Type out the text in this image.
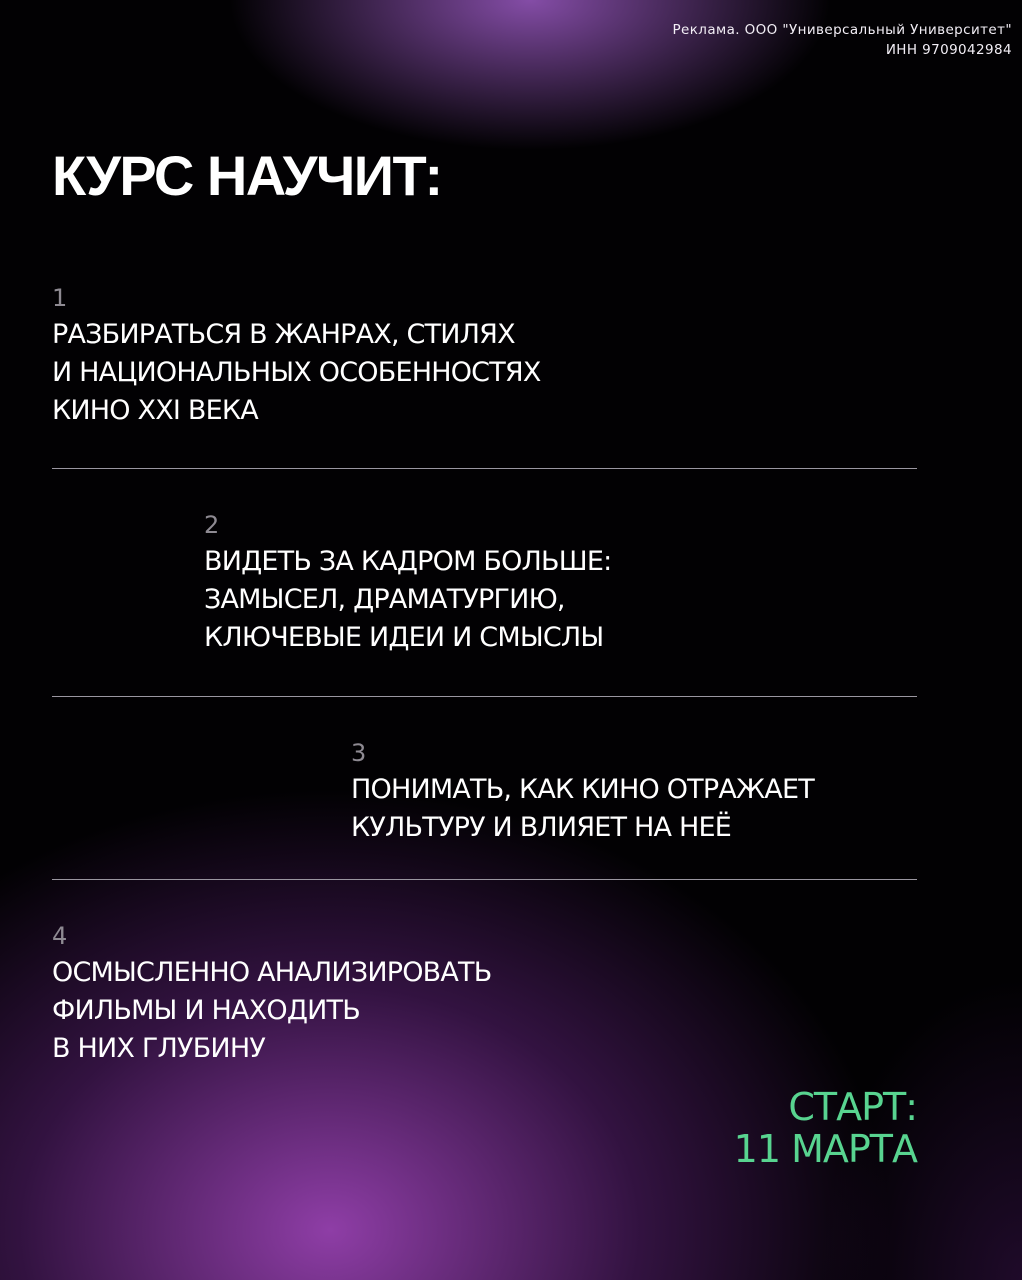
Реклама. ООО "Универсальный Университет"
ИНН 9709042984
КУРС НАУЧИТ:
1
РАЗБИРАТЬСЯ В ЖАНРАХ, СТИЛЯХ
И НАЦИОНАЛЬНЫХ ОСОБЕННОСТЯХ
КИНО XXI ВЕКА
2
ВИДЕТЬ ЗА КАДРОМ БОЛЬШЕ:
ЗАМЫСЕЛ, ДРАМАТУРГИЮ,
КЛЮЧЕВЫЕ ИДЕИ И СМЫСЛЫ
3
ПОНИМАТЬ, КАК КИНО ОТРАЖАЕТ
КУЛЬТУРУ И ВЛИЯЕТ НА НЕЁ
4
ОСМЫСЛЕННО АНАЛИЗИРОВАТЬ
ФИЛЬМЫ И НАХОДИТЬ
В НИХ ГЛУБИНУ
СТАРТ:
11 МАРТА
